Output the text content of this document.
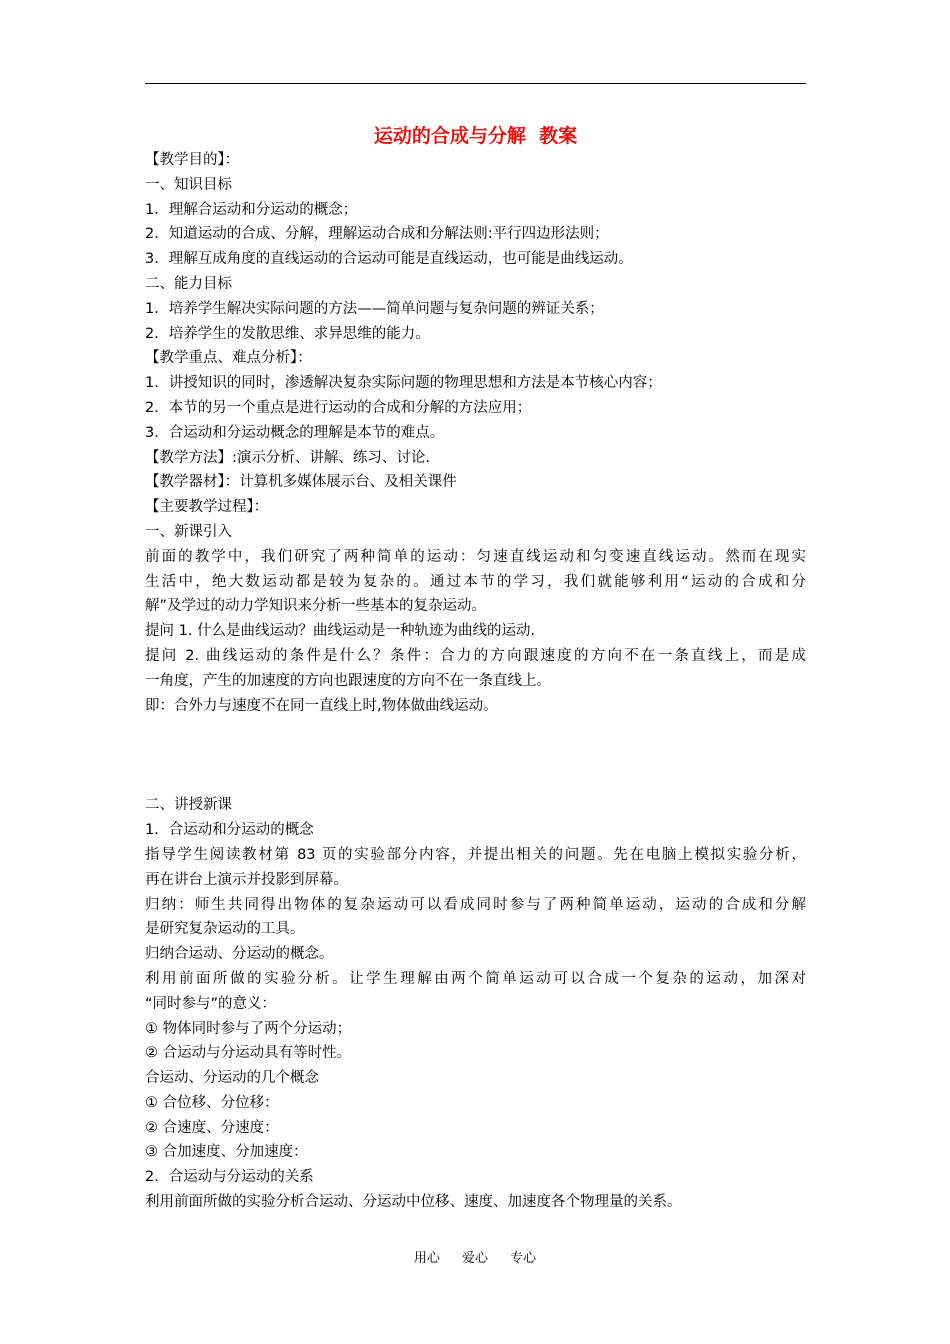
运动的合成与分解  教案
【教学目的】：
一、知识目标
1．理解合运动和分运动的概念；
2．知道运动的合成、分解，理解运动合成和分解法则:平行四边形法则；
3．理解互成角度的直线运动的合运动可能是直线运动，也可能是曲线运动。
二、能力目标
1．培养学生解决实际问题的方法——简单问题与复杂问题的辨证关系；
2．培养学生的发散思维、求异思维的能力。
【教学重点、难点分析】：
1．讲授知识的同时，渗透解决复杂实际问题的物理思想和方法是本节核心内容；
2．本节的另一个重点是进行运动的合成和分解的方法应用；
3．合运动和分运动概念的理解是本节的难点。
【教学方法】:演示分析、讲解、练习、讨论.
【教学器材】：计算机多媒体展示台、及相关课件
【主要教学过程】：
一、新课引入
前面的教学中，我们研究了两种简单的运动：匀速直线运动和匀变速直线运动。然而在现实
生活中，绝大数运动都是较为复杂的。通过本节的学习，我们就能够利用“运动的合成和分
解”及学过的动力学知识来分析一些基本的复杂运动。
提问 1. 什么是曲线运动？曲线运动是一种轨迹为曲线的运动.
提问 2. 曲线运动的条件是什么？条件：合力的方向跟速度的方向不在一条直线上，而是成
一角度，产生的加速度的方向也跟速度的方向不在一条直线上。
即：合外力与速度不在同一直线上时,物体做曲线运动。
二、讲授新课
1．合运动和分运动的概念
指导学生阅读教材第 83 页的实验部分内容，并提出相关的问题。先在电脑上模拟实验分析，
再在讲台上演示并投影到屏幕。
归纳：师生共同得出物体的复杂运动可以看成同时参与了两种简单运动，运动的合成和分解
是研究复杂运动的工具。
归纳合运动、分运动的概念。
利用前面所做的实验分析。让学生理解由两个简单运动可以合成一个复杂的运动，加深对
“同时参与”的意义：
① 物体同时参与了两个分运动；
② 合运动与分运动具有等时性。
合运动、分运动的几个概念
① 合位移、分位移：
② 合速度、分速度：
③ 合加速度、分加速度：
2．合运动与分运动的关系
利用前面所做的实验分析合运动、分运动中位移、速度、加速度各个物理量的关系。
用心 爱心 专心
